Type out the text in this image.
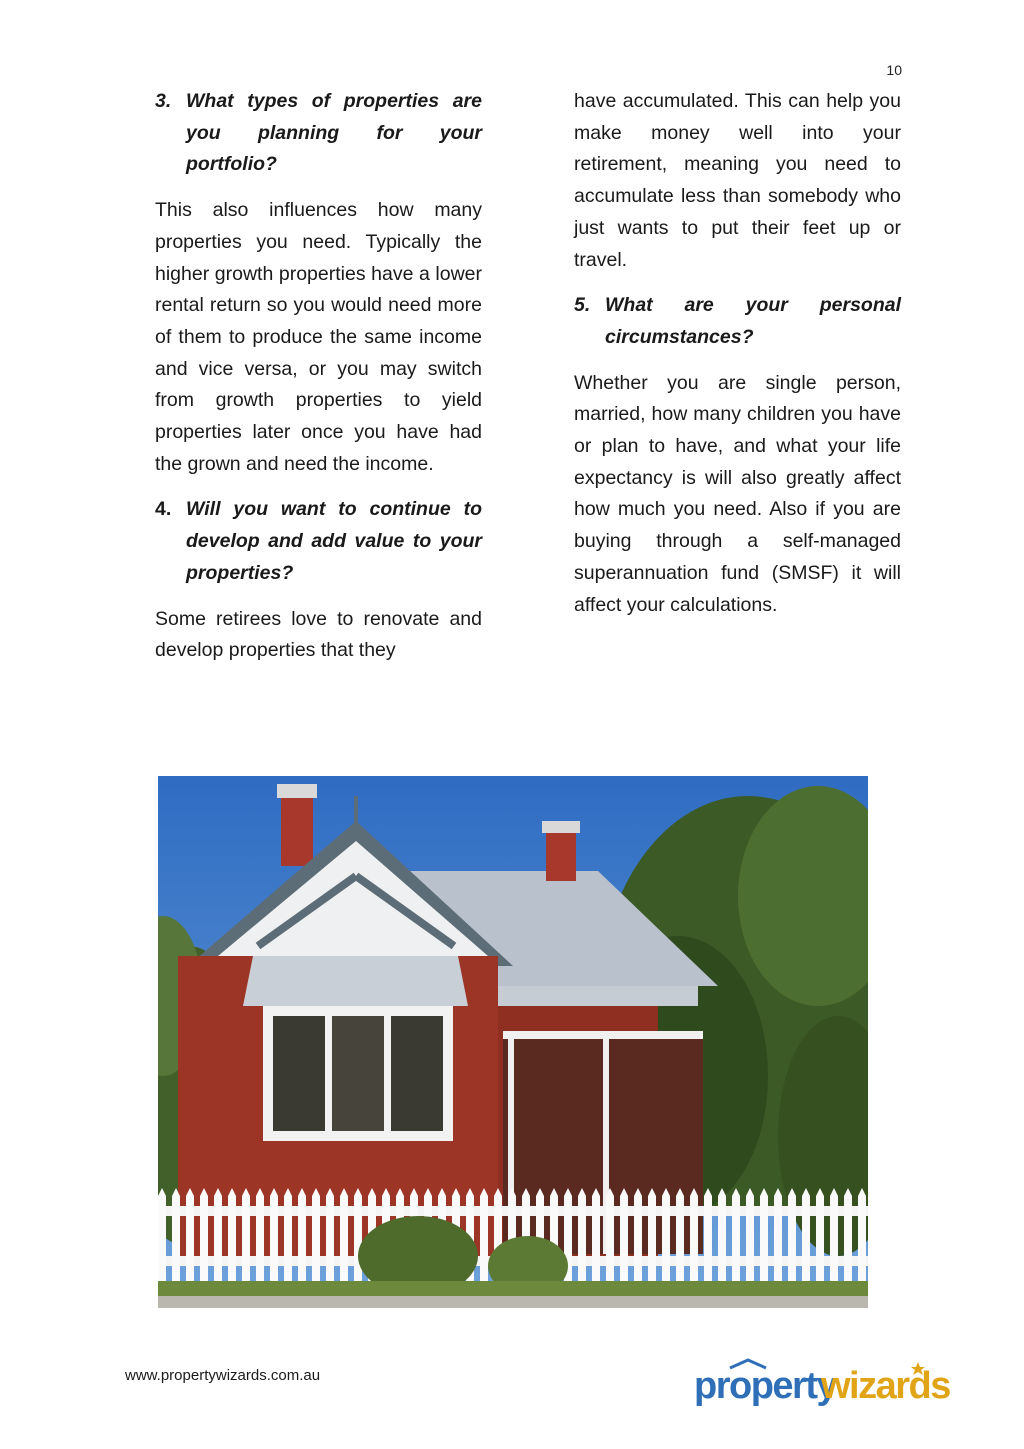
10
3. What types of properties are you planning for your portfolio?

This also influences how many properties you need. Typically the higher growth properties have a lower rental return so you would need more of them to produce the same income and vice versa, or you may switch from growth properties to yield properties later once you have had the grown and need the income.

4. Will you want to continue to develop and add value to your properties?

Some retirees love to renovate and develop properties that they

have accumulated. This can help you make money well into your retirement, meaning you need to accumulate less than somebody who just wants to put their feet up or travel.

5. What are your personal circumstances?

Whether you are single person, married, how many children you have or plan to have, and what your life expectancy is will also greatly affect how much you need. Also if you are buying through a self-managed superannuation fund (SMSF) it will affect your calculations.

www.propertywizards.com.au	property
wizards
